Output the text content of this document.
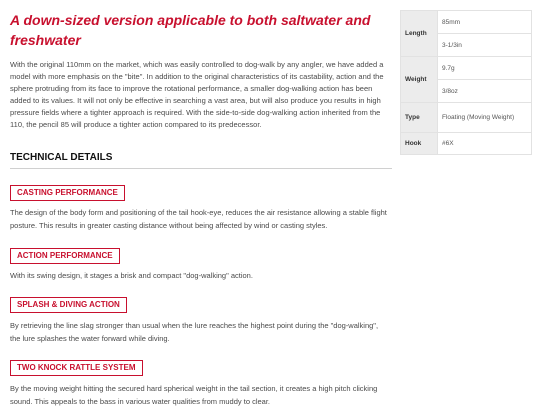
A down-sized version applicable to both saltwater and freshwater

With the original 110mm on the market, which was easily controlled to dog-walk by any angler, we have added a model with more emphasis on the "bite". In addition to the original characteristics of its castability, action and the sphere protruding from its face to improve the rotational performance, a smaller dog-walking action has been added to its values. It will not only be effective in searching a vast area, but will also produce you results in high pressure fields where a tighter approach is required. With the side-to-side dog-walking action inherited from the 110, the pencil 85 will produce a tighter action compared to its predecessor.

TECHNICAL DETAILS
CASTING PERFORMANCE

The design of the body form and positioning of the tail hook-eye, reduces the air resistance allowing a stable flight posture. This results in greater casting distance without being affected by wind or casting styles.

ACTION PERFORMANCE

With its swing design, it stages a brisk and compact "dog-walking" action.

SPLASH & DIVING ACTION

By retrieving the line slag stronger than usual when the lure reaches the highest point during the "dog-walking", the lure splashes the water forward while diving.

TWO KNOCK RATTLE SYSTEM

By the moving weight hitting the secured hard spherical weight in the tail section, it creates a high pitch clicking sound. This appeals to the bass in various water qualities from muddy to clear.

Length	85mm
	3-1/3in
Weight	9.7g
	3/8oz
Type	Floating (Moving Weight)
Hook	#6X
